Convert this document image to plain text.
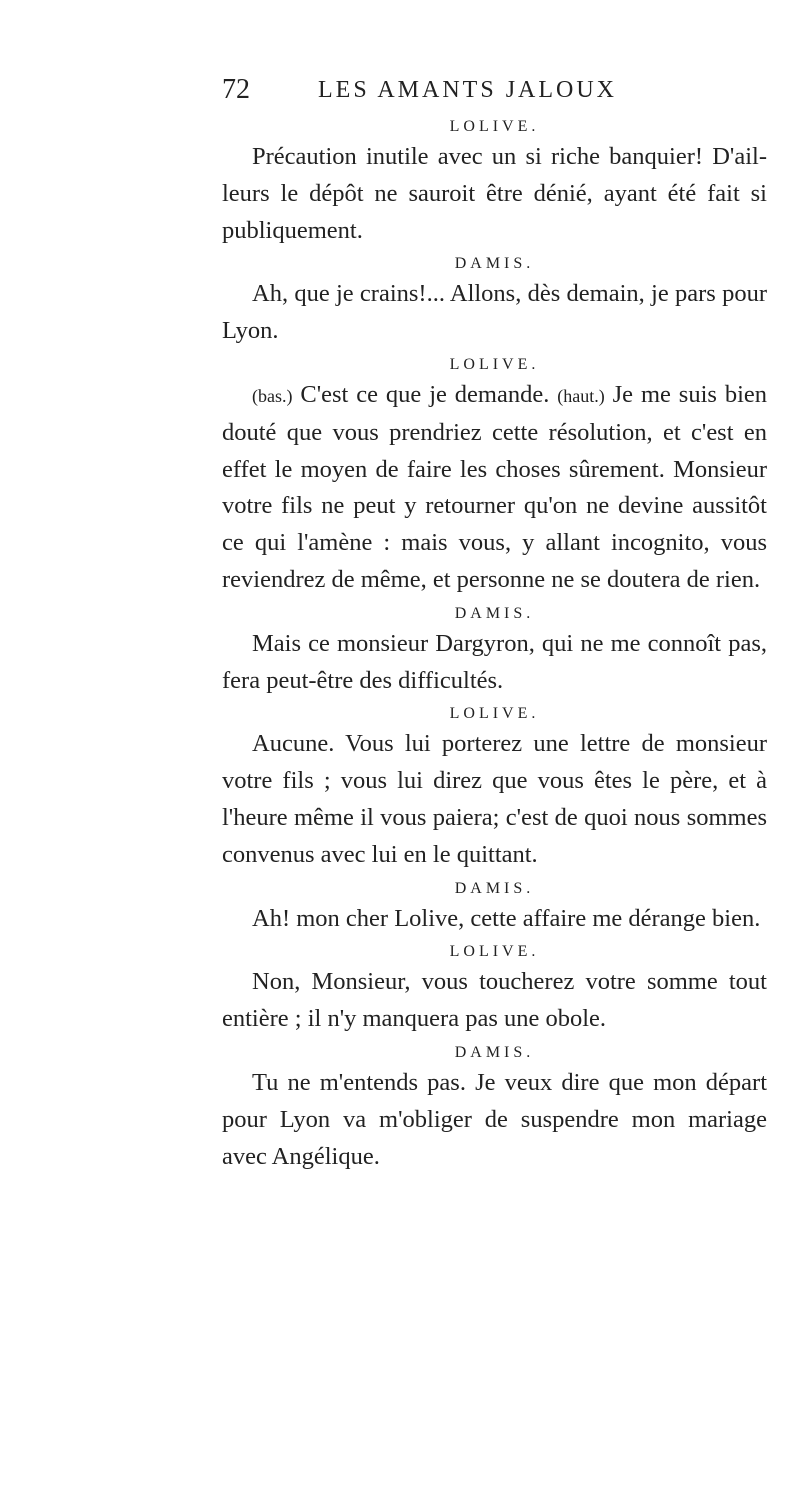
72	LES AMANTS JALOUX
LOLIVE.

Précaution inutile avec un si riche banquier! D'ail-leurs le dépôt ne sauroit être dénié, ayant été fait si publiquement.

DAMIS.

Ah, que je crains!... Allons, dès demain, je pars pour Lyon.

LOLIVE.

(bas.) C'est ce que je demande. (haut.) Je me suis bien douté que vous prendriez cette résolution, et c'est en effet le moyen de faire les choses sûrement. Monsieur votre fils ne peut y retourner qu'on ne devine aussitôt ce qui l'amène : mais vous, y allant incognito, vous reviendrez de même, et personne ne se doutera de rien.

DAMIS.

Mais ce monsieur Dargyron, qui ne me connoît pas, fera peut-être des difficultés.

LOLIVE.

Aucune. Vous lui porterez une lettre de monsieur votre fils ; vous lui direz que vous êtes le père, et à l'heure même il vous paiera; c'est de quoi nous sommes convenus avec lui en le quittant.

DAMIS.

Ah! mon cher Lolive, cette affaire me dérange bien.

LOLIVE.

Non, Monsieur, vous toucherez votre somme tout entière ; il n'y manquera pas une obole.

DAMIS.

Tu ne m'entends pas. Je veux dire que mon départ pour Lyon va m'obliger de suspendre mon mariage avec Angélique.
